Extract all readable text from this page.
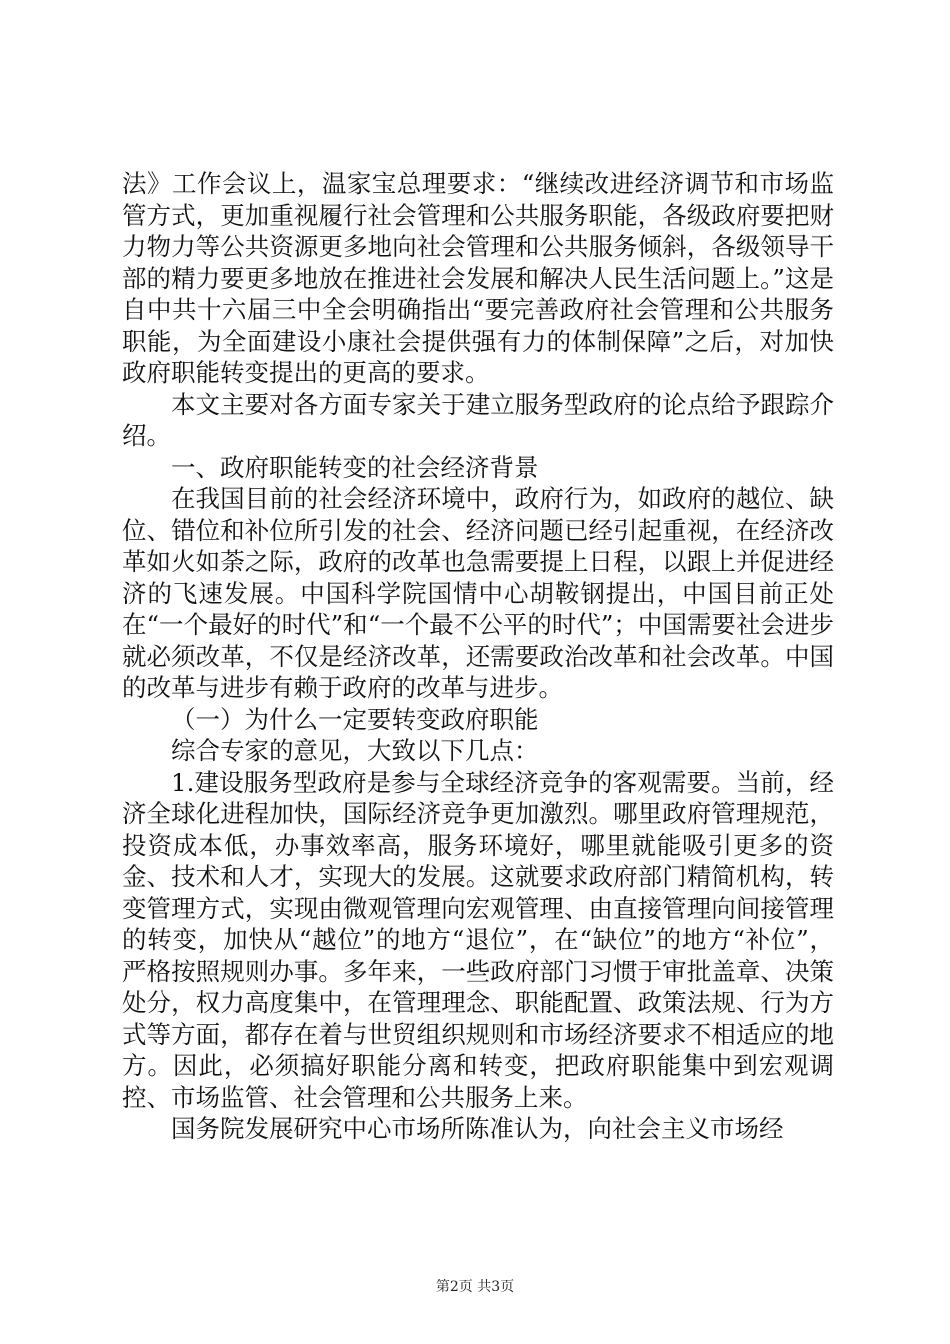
法》工作会议上，温家宝总理要求：“继续改进经济调节和市场监管方式，更加重视履行社会管理和公共服务职能，各级政府要把财力物力等公共资源更多地向社会管理和公共服务倾斜，各级领导干部的精力要更多地放在推进社会发展和解决人民生活问题上。”这是自中共十六届三中全会明确指出“要完善政府社会管理和公共服务职能，为全面建设小康社会提供强有力的体制保障”之后，对加快政府职能转变提出的更高的要求。

本文主要对各方面专家关于建立服务型政府的论点给予跟踪介绍。

一、政府职能转变的社会经济背景

在我国目前的社会经济环境中，政府行为，如政府的越位、缺位、错位和补位所引发的社会、经济问题已经引起重视，在经济改革如火如荼之际，政府的改革也急需要提上日程，以跟上并促进经济的飞速发展。中国科学院国情中心胡鞍钢提出，中国目前正处在“一个最好的时代”和“一个最不公平的时代”；中国需要社会进步就必须改革，不仅是经济改革，还需要政治改革和社会改革。中国的改革与进步有赖于政府的改革与进步。

（一）为什么一定要转变政府职能

综合专家的意见，大致以下几点：

1.建设服务型政府是参与全球经济竞争的客观需要。当前，经济全球化进程加快，国际经济竞争更加激烈。哪里政府管理规范，投资成本低，办事效率高，服务环境好，哪里就能吸引更多的资金、技术和人才，实现大的发展。这就要求政府部门精简机构，转变管理方式，实现由微观管理向宏观管理、由直接管理向间接管理的转变，加快从“越位”的地方“退位”，在“缺位”的地方“补位”，严格按照规则办事。多年来，一些政府部门习惯于审批盖章、决策处分，权力高度集中，在管理理念、职能配置、政策法规、行为方式等方面，都存在着与世贸组织规则和市场经济要求不相适应的地方。因此，必须搞好职能分离和转变，把政府职能集中到宏观调控、市场监管、社会管理和公共服务上来。

国务院发展研究中心市场所陈准认为，向社会主义市场经

第2页 共3页
